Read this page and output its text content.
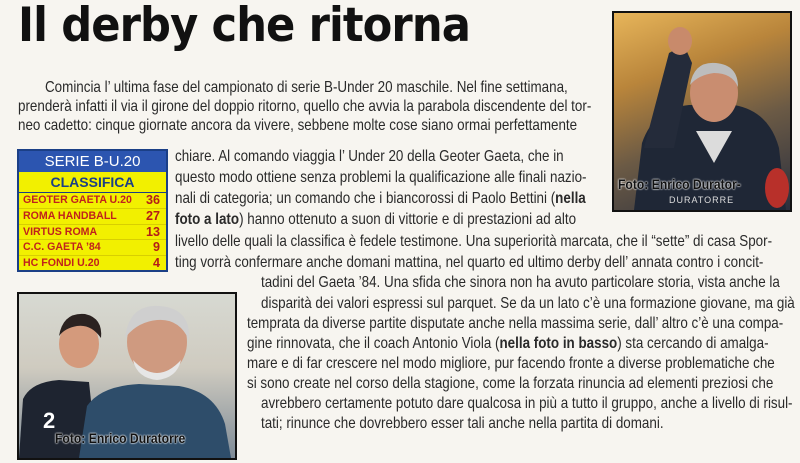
Il derby che ritorna
Foto: Enrico Durator-
DURATORRE
SERIE B-U.20
CLASSIFICA
GEOTER GAETA U.20	36
ROMA HANDBALL	27
VIRTUS ROMA	13
C.C. GAETA ’84	9
HC FONDI U.20	4
2
Foto: Enrico Duratorre
Comincia l’ ultima fase del campionato di serie B-Under 20 maschile. Nel fine settimana,
prenderà infatti il via il girone del doppio ritorno, quello che avvia la parabola discendente del tor-
neo cadetto: cinque giornate ancora da vivere, sebbene molte cose siano ormai perfettamente
chiare. Al comando viaggia l’ Under 20 della Geoter Gaeta, che in
questo modo ottiene senza problemi la qualificazione alle finali nazio-
nali di categoria; un comando che i biancorossi di Paolo Bettini (nella
foto a lato) hanno ottenuto a suon di vittorie e di prestazioni ad alto
livello delle quali la classifica è fedele testimone. Una superiorità marcata, che il “sette” di casa Spor-
ting vorrà confermare anche domani mattina, nel quarto ed ultimo derby dell’ annata contro i concit-
tadini del Gaeta ’84. Una sfida che sinora non ha avuto particolare storia, vista anche la
disparità dei valori espressi sul parquet. Se da un lato c’è una formazione giovane, ma già
temprata da diverse partite disputate anche nella massima serie, dall’ altro c’è una compa-
gine rinnovata, che il coach Antonio Viola (nella foto in basso) sta cercando di amalga-
mare e di far crescere nel modo migliore, pur facendo fronte a diverse problematiche che
si sono create nel corso della stagione, come la forzata rinuncia ad elementi preziosi che
avrebbero certamente potuto dare qualcosa in più a tutto il gruppo, anche a livello di risul-
tati; rinunce che dovrebbero esser tali anche nella partita di domani.
